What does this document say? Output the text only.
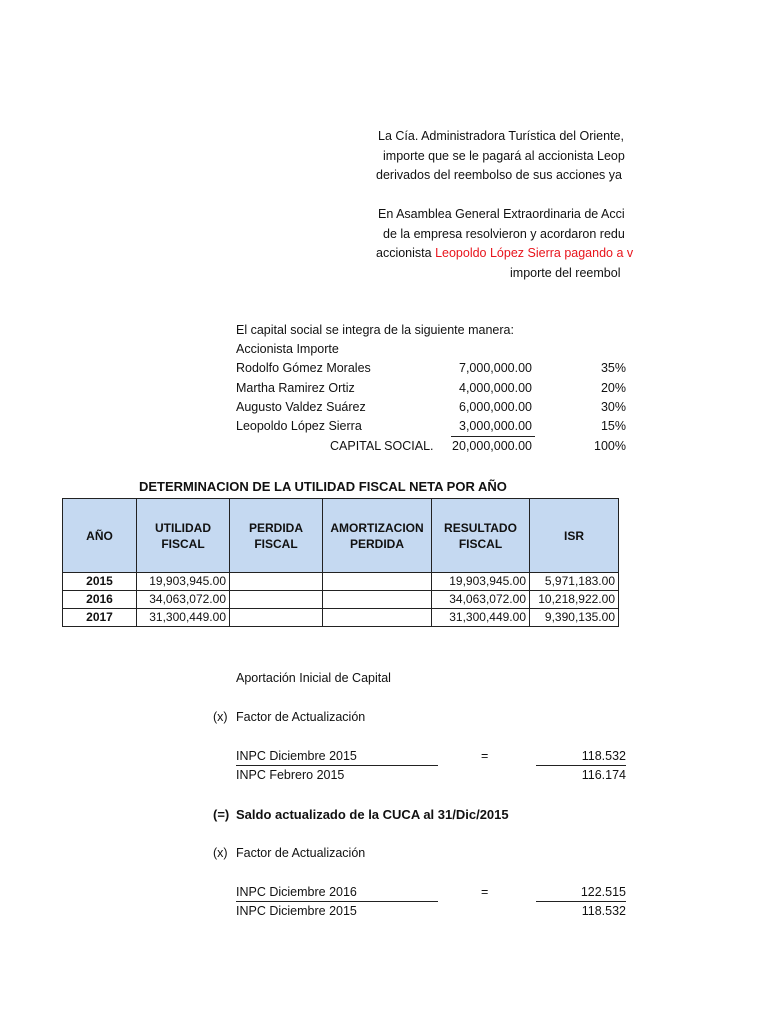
La Cía. Administradora Turística del Oriente,
importe que se le pagará al accionista Leop
derivados del reembolso de sus acciones ya
En Asamblea General Extraordinaria de Acci
de la empresa resolvieron y acordaron redu
accionista Leopoldo López Sierra pagando a v
importe del reembol
El capital social se integra de la siguiente manera:
Accionista Importe
Rodolfo Gómez Morales	7,000,000.00	35%
Martha Ramirez Ortiz	4,000,000.00	20%
Augusto Valdez Suárez	6,000,000.00	30%
Leopoldo López Sierra	3,000,000.00	15%
CAPITAL SOCIAL.	20,000,000.00	100%
DETERMINACION DE LA UTILIDAD FISCAL NETA POR AÑO
AÑO	UTILIDAD FISCAL	PERDIDA FISCAL	AMORTIZACION PERDIDA	RESULTADO FISCAL	ISR
2015	19,903,945.00			19,903,945.00	5,971,183.00
2016	34,063,072.00			34,063,072.00	10,218,922.00
2017	31,300,449.00			31,300,449.00	9,390,135.00
Aportación Inicial de Capital
(x) Factor de Actualización
INPC Diciembre 2015	=	118.532
INPC Febrero 2015	116.174
(=) Saldo actualizado de la CUCA al 31/Dic/2015
(x) Factor de Actualización
INPC Diciembre 2016	=	122.515
INPC Diciembre 2015	118.532
